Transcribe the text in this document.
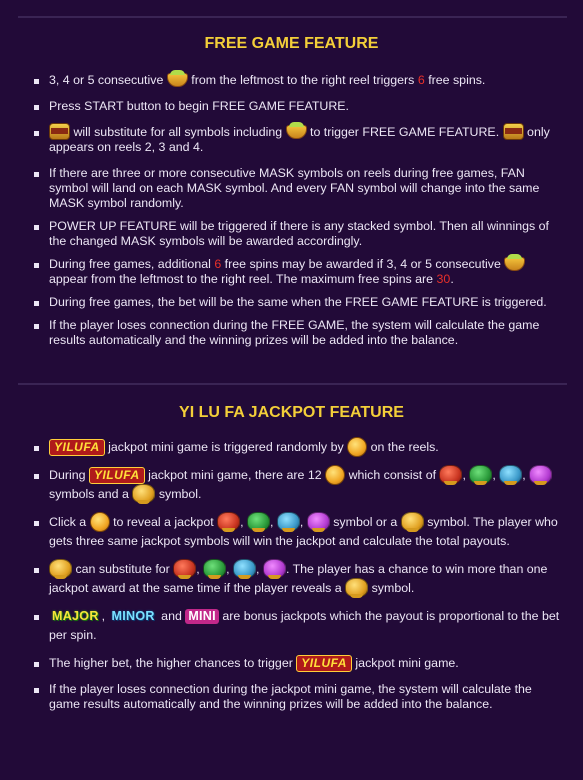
FREE GAME FEATURE
3, 4 or 5 consecutive from the leftmost to the right reel triggers 6 free spins.
Press START button to begin FREE GAME FEATURE.
will substitute for all symbols including to trigger FREE GAME FEATURE. only appears on reels 2, 3 and 4.
If there are three or more consecutive MASK symbols on reels during free games, FAN symbol will land on each MASK symbol. And every FAN symbol will change into the same MASK symbol randomly.
POWER UP FEATURE will be triggered if there is any stacked symbol. Then all winnings of the changed MASK symbols will be awarded accordingly.
During free games, additional 6 free spins may be awarded if 3, 4 or 5 consecutive  appear from the leftmost to the right reel. The maximum free spins are 30.
During free games, the bet will be the same when the FREE GAME FEATURE is triggered.
If the player loses connection during the FREE GAME, the system will calculate the game results automatically and the winning prizes will be added into the balance.
YI LU FA JACKPOT FEATURE
YILUFA jackpot mini game is triggered randomly by on the reels.
During YILUFA jackpot mini game, there are 12 which consist of , , ,  symbols and a symbol.
Click a to reveal a jackpot , , ,  symbol or a symbol. The player who gets three same jackpot symbols will win the jackpot and calculate the total payouts.
can substitute for , , , . The player has a chance to win more than one jackpot award at the same time if the player reveals a symbol.
MAJOR , MINOR and MINI are bonus jackpots which the payout is proportional to the bet per spin.
The higher bet, the higher chances to trigger YILUFA jackpot mini game.
If the player loses connection during the jackpot mini game, the system will calculate the game results automatically and the winning prizes will be added into the balance.
